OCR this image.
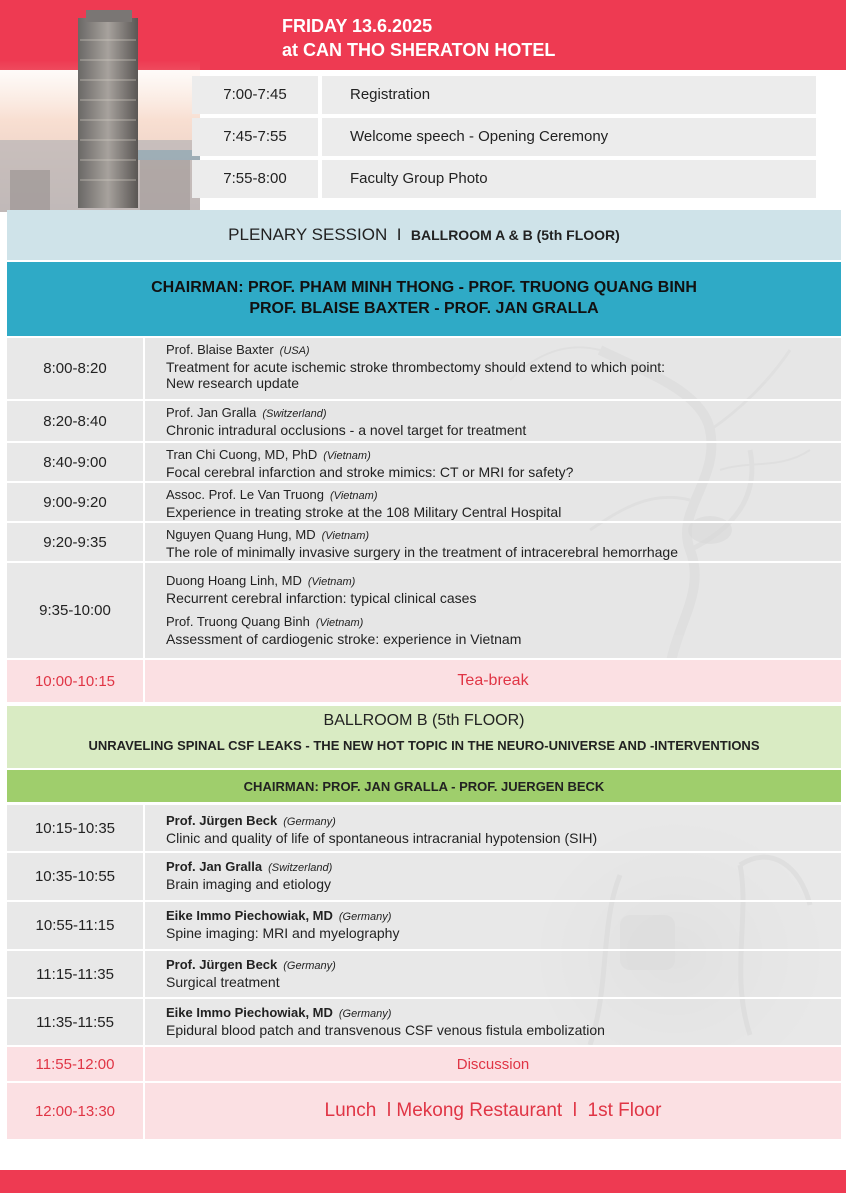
FRIDAY 13.6.2025
at CAN THO SHERATON HOTEL
7:00-7:45	Registration
7:45-7:55	Welcome speech - Opening Ceremony
7:55-8:00	Faculty Group Photo
PLENARY SESSION I BALLROOM A & B (5th FLOOR)
CHAIRMAN: PROF. PHAM MINH THONG - PROF. TRUONG QUANG BINH
PROF. BLAISE BAXTER - PROF. JAN GRALLA
8:00-8:20
Prof. Blaise Baxter (USA)
Treatment for acute ischemic stroke thrombectomy should extend to which point:
New research update
8:20-8:40	Prof. Jan Gralla (Switzerland)
Chronic intradural occlusions - a novel target for treatment
8:40-9:00	Tran Chi Cuong, MD, PhD (Vietnam)
Focal cerebral infarction and stroke mimics: CT or MRI for safety?
9:00-9:20	Assoc. Prof. Le Van Truong (Vietnam)
Experience in treating stroke at the 108 Military Central Hospital
9:20-9:35	Nguyen Quang Hung, MD (Vietnam)
The role of minimally invasive surgery in the treatment of intracerebral hemorrhage
9:35-10:00
Duong Hoang Linh, MD (Vietnam)
Recurrent cerebral infarction: typical clinical cases
Prof. Truong Quang Binh (Vietnam)
Assessment of cardiogenic stroke: experience in Vietnam
10:00-10:15	Tea-break
BALLROOM B (5th FLOOR)
UNRAVELING SPINAL CSF LEAKS - THE NEW HOT TOPIC IN THE NEURO-UNIVERSE AND -INTERVENTIONS
CHAIRMAN: PROF. JAN GRALLA - PROF. JUERGEN BECK
10:15-10:35	Prof. Jürgen Beck (Germany)
Clinic and quality of life of spontaneous intracranial hypotension (SIH)
10:35-10:55
Prof. Jan Gralla (Switzerland)
Brain imaging and etiology
10:55-11:15
Eike Immo Piechowiak, MD (Germany)
Spine imaging: MRI and myelography
11:15-11:35
Prof. Jürgen Beck (Germany)
Surgical treatment
11:35-11:55
Eike Immo Piechowiak, MD (Germany)
Epidural blood patch and transvenous CSF venous fistula embolization
11:55-12:00	Discussion
12:00-13:30	Lunch  l Mekong Restaurant  l  1st Floor
